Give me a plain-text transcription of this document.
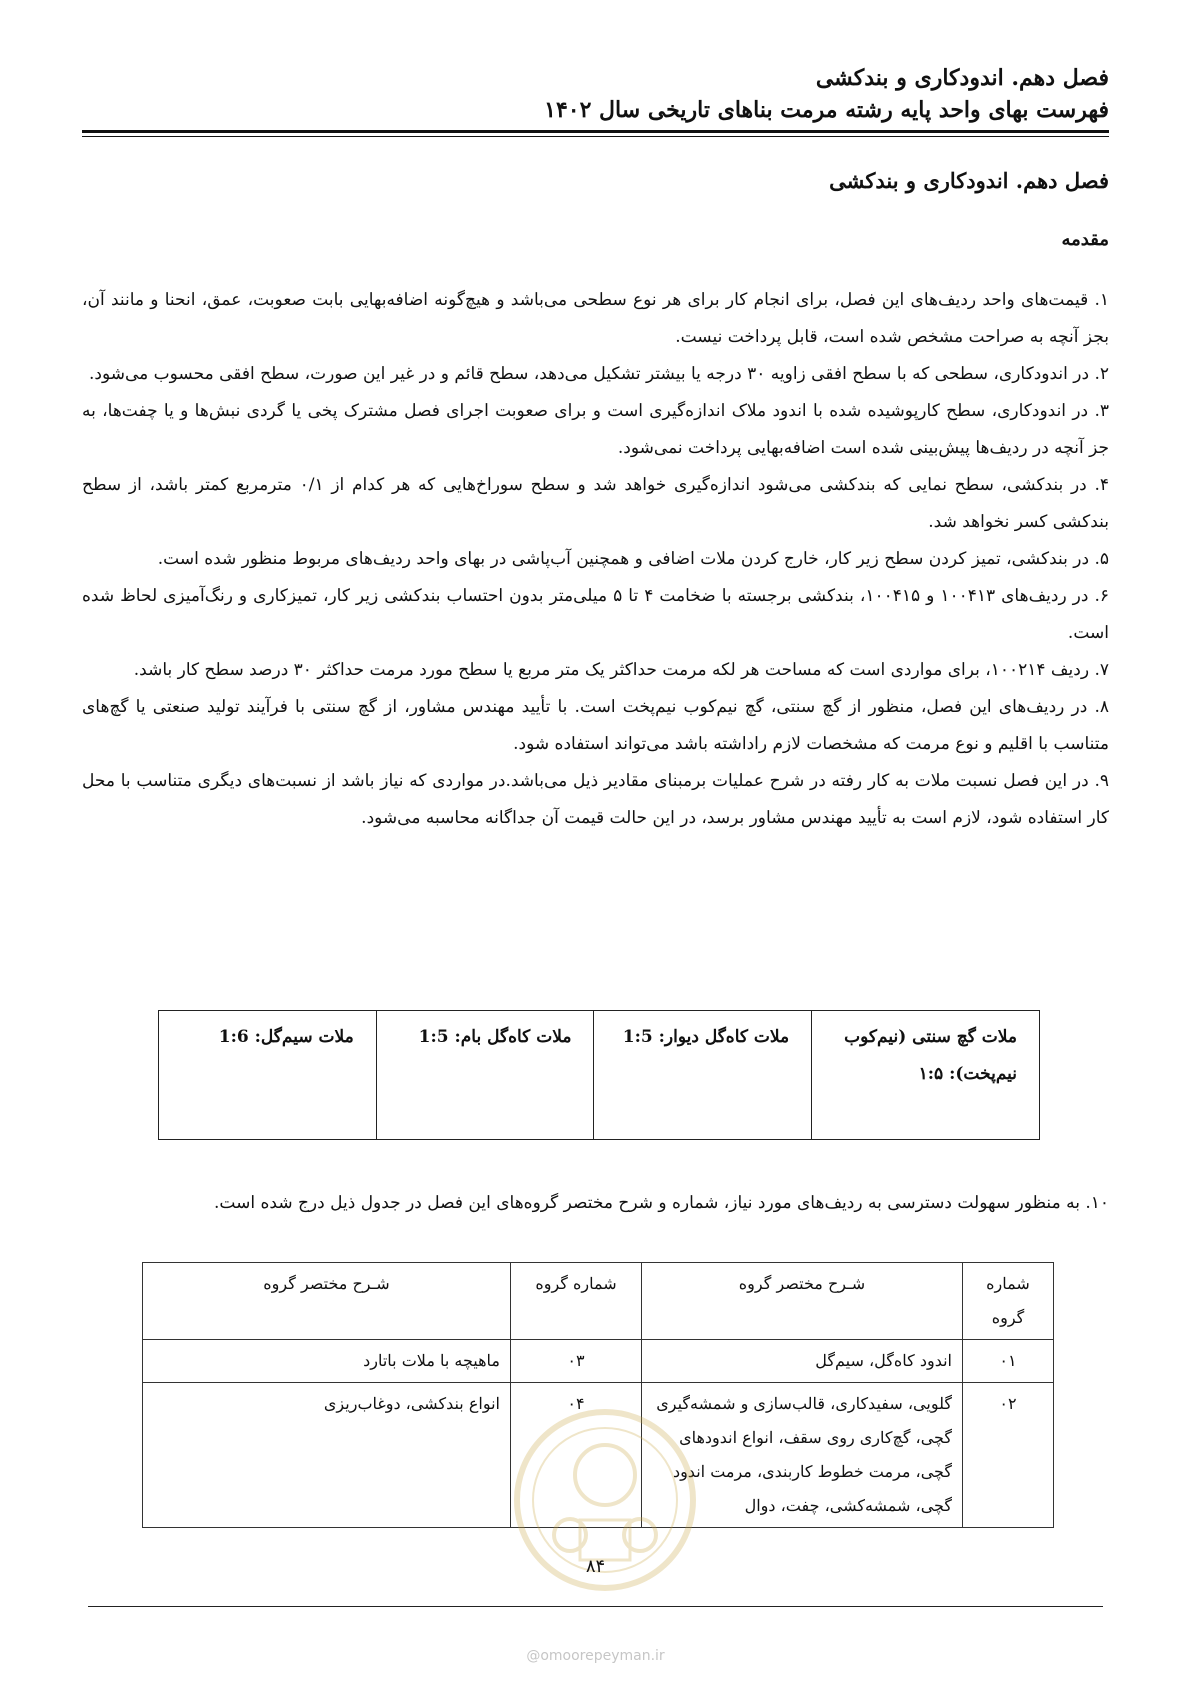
فصل دهم. اندودکاری و بندکشی
فهرست بهای واحد پایه رشته مرمت بناهای تاریخی سال ۱۴۰۲
فصل دهم. اندودکاری و بندکشی
مقدمه

۱. قیمت‌های واحد ردیف‌های این فصل، برای انجام کار برای هر نوع سطحی می‌باشد و هیچ‌گونه اضافه‌بهایی بابت صعوبت، عمق، انحنا و مانند آن، بجز آنچه به صراحت مشخص شده است، قابل پرداخت نیست.

۲. در اندودکاری، سطحی که با سطح افقی زاویه ۳۰ درجه یا بیشتر تشکیل می‌دهد، سطح قائم و در غیر این صورت، سطح افقی محسوب می‌شود.

۳. در اندودکاری، سطح کارپوشیده شده با اندود ملاک اندازه‌گیری است و برای صعوبت اجرای فصل مشترک پخی یا گردی نبش‌ها و یا چفت‌ها، به جز آنچه در ردیف‌ها پیش‌بینی شده است اضافه‌بهایی پرداخت نمی‌شود.

۴. در بندکشی، سطح نمایی که بندکشی می‌شود اندازه‌گیری خواهد شد و سطح سوراخ‌هایی که هر کدام از ۰/۱ مترمربع کمتر باشد، از سطح بندکشی کسر نخواهد شد.

۵. در بندکشی، تمیز کردن سطح زیر کار، خارج کردن ملات اضافی و همچنین آب‌پاشی در بهای واحد ردیف‌های مربوط منظور شده است.

۶. در ردیف‌های ۱۰۰۴۱۳ و ۱۰۰۴۱۵، بندکشی برجسته با ضخامت ۴ تا ۵ میلی‌متر بدون احتساب بندکشی زیر کار، تمیزکاری و رنگ‌آمیزی لحاظ شده است.

۷. ردیف ۱۰۰۲۱۴، برای مواردی است که مساحت هر لکه مرمت حداکثر یک متر مربع یا سطح مورد مرمت حداکثر ۳۰ درصد سطح کار باشد.

۸. در ردیف‌های این فصل، منظور از گچ سنتی، گچ نیم‌کوب نیم‌پخت است. با تأیید مهندس مشاور، از گچ سنتی با فرآیند تولید صنعتی یا گچ‌های متناسب با اقلیم و نوع مرمت که مشخصات لازم راداشته باشد می‌تواند استفاده شود.

۹. در این فصل نسبت ملات به کار رفته در شرح عملیات برمبنای مقادیر ذیل می‌باشد.در مواردی که نیاز باشد از نسبت‌های دیگری متناسب با محل کار استفاده شود، لازم است به تأیید مهندس مشاور برسد، در این حالت قیمت آن جداگانه محاسبه می‌شود.

ملات گچ سنتی (نیم‌کوب نیم‌پخت): ۱:۵	ملات کاه‌گل دیوار: 1:5	ملات کاه‌گل بام: 1:5	ملات سیم‌گل: 1:6
۱۰. به منظور سهولت دسترسی به ردیف‌های مورد نیاز، شماره و شرح مختصر گروه‌های این فصل در جدول ذیل درج شده است.
شماره گروه	شـرح مختصر گروه	شماره گروه	شـرح مختصر گروه
۰۱	اندود کاه‌گل، سیم‌گل	۰۳	ماهیچه با ملات باتارد
۰۲	گلویی، سفیدکاری، قالب‌سازی و شمشه‌گیری گچی، گچ‌کاری روی سقف، انواع اندودهای گچی، مرمت خطوط کاربندی، مرمت اندود گچی، شمشه‌کشی، چفت، دوال	۰۴	انواع بندکشی، دوغاب‌ریزی
۸۴
@omoorepeyman.ir
